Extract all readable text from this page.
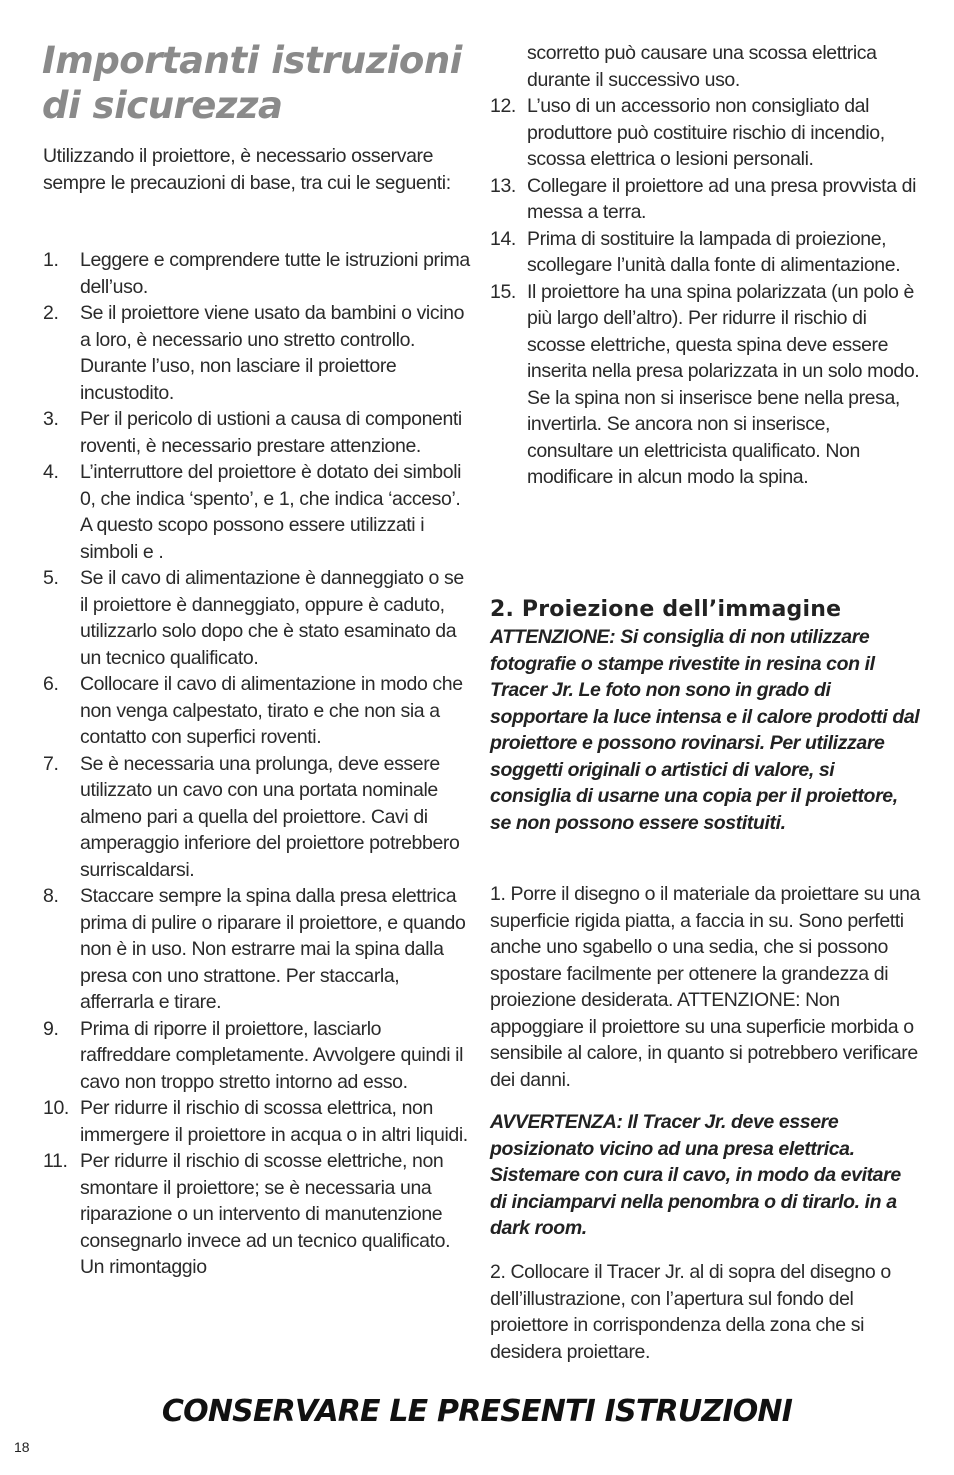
Importanti istruzioni
di sicurezza

Utilizzando il proiettore, è necessario osservare sempre le precauzioni di base, tra cui le seguenti:

1. Leggere e comprendere tutte le istruzioni prima dell’uso.
2. Se il proiettore viene usato da bambini o vicino a loro, è necessario uno stretto controllo. Durante l’uso, non lasciare il proiettore incustodito.
3. Per il pericolo di ustioni a causa di componenti roventi, è necessario prestare attenzione.
4. L’interruttore del proiettore è dotato dei simboli 0, che indica ‘spento’, e 1, che indica ‘acceso’. A questo scopo possono essere utilizzati i simboli e .
5. Se il cavo di alimentazione è danneggiato o se il proiettore è danneggiato, oppure è caduto, utilizzarlo solo dopo che è stato esaminato da un tecnico qualificato.
6. Collocare il cavo di alimentazione in modo che non venga calpestato, tirato e che non sia a contatto con superfici roventi.
7. Se è necessaria una prolunga, deve essere utilizzato un cavo con una portata nominale almeno pari a quella del proiettore. Cavi di amperaggio inferiore del proiettore potrebbero surriscaldarsi.
8. Staccare sempre la spina dalla presa elettrica prima di pulire o riparare il proiettore, e quando non è in uso. Non estrarre mai la spina dalla presa con uno strattone. Per staccarla, afferrarla e tirare.
9. Prima di riporre il proiettore, lasciarlo raffreddare completamente. Avvolgere quindi il cavo non troppo stretto intorno ad esso.
10. Per ridurre il rischio di scossa elettrica, non immergere il proiettore in acqua o in altri liquidi.
11. Per ridurre il rischio di scosse elettriche, non smontare il proiettore; se è necessaria una riparazione o un intervento di manutenzione consegnarlo invece ad un tecnico qualificato. Un rimontaggio

scorretto può causare una scossa elettrica durante il successivo uso.

12. L’uso di un accessorio non consigliato dal produttore può costituire rischio di incendio, scossa elettrica o lesioni personali.
13. Collegare il proiettore ad una presa provvista di messa a terra.
14. Prima di sostituire la lampada di proiezione, scollegare l’unità dalla fonte di alimentazione.
15. Il proiettore ha una spina polarizzata (un polo è più largo dell’altro). Per ridurre il rischio di scosse elettriche, questa spina deve essere inserita nella presa polarizzata in un solo modo. Se la spina non si inserisce bene nella presa, invertirla. Se ancora non si inserisce, consultare un elettricista qualificato. Non modificare in alcun modo la spina.
2. Proiezione dell’immagine

ATTENZIONE: Si consiglia di non utilizzare fotografie o stampe rivestite in resina con il Tracer Jr. Le foto non sono in grado di sopportare la luce intensa e il calore prodotti dal proiettore e possono rovinarsi. Per utilizzare soggetti originali o artistici di valore, si consiglia di usarne una copia per il proiettore, se non possono essere sostituiti.

1. Porre il disegno o il materiale da proiettare su una superficie rigida piatta, a faccia in su. Sono perfetti anche uno sgabello o una sedia, che si possono spostare facilmente per ottenere la grandezza di proiezione desiderata. ATTENZIONE: Non appoggiare il proiettore su una superficie morbida o sensibile al calore, in quanto si potrebbero verificare dei danni.

AVVERTENZA: Il Tracer Jr. deve essere posizionato vicino ad una presa elettrica. Sistemare con cura il cavo, in modo da evitare di inciamparvi nella penombra o di tirarlo. in a dark room.

2. Collocare il Tracer Jr. al di sopra del disegno o dell’illustrazione, con l’apertura sul fondo del proiettore in corrispondenza della zona che si desidera proiettare.

CONSERVARE LE PRESENTI ISTRUZIONI
18
